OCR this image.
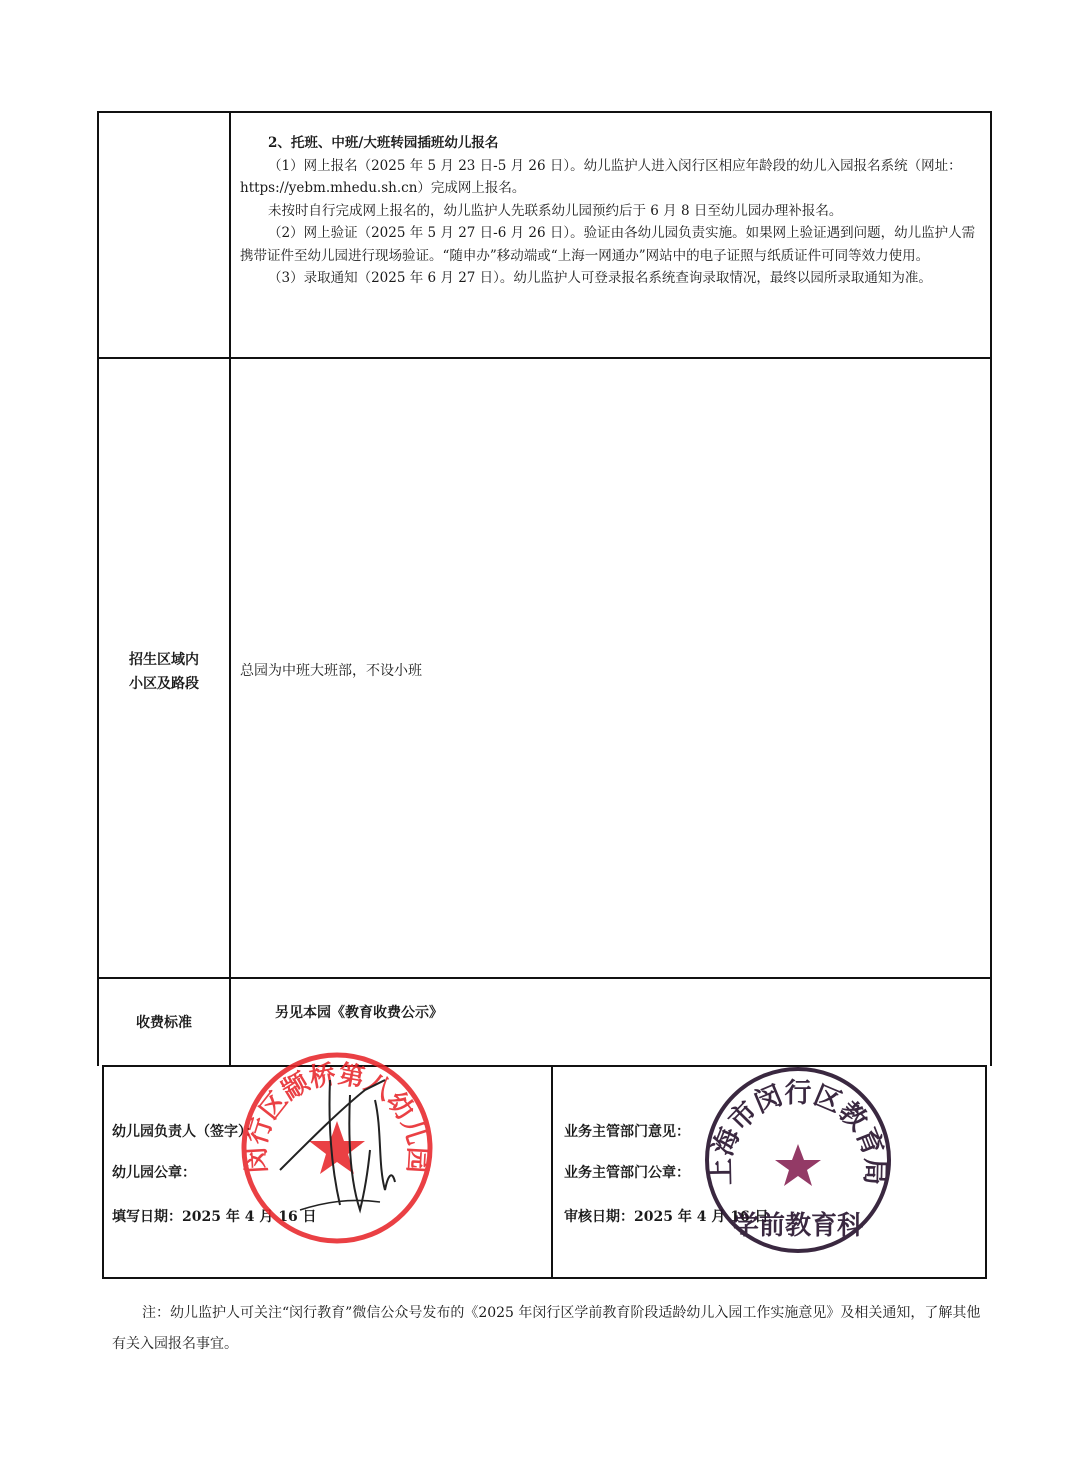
2、托班、中班/大班转园插班幼儿报名

（1）网上报名（2025 年 5 月 23 日-5 月 26 日）。幼儿监护人进入闵行区相应年龄段的幼儿入园报名系统（网址：https://yebm.mhedu.sh.cn）完成网上报名。

未按时自行完成网上报名的，幼儿监护人先联系幼儿园预约后于 6 月 8 日至幼儿园办理补报名。

（2）网上验证（2025 年 5 月 27 日-6 月 26 日）。验证由各幼儿园负责实施。如果网上验证遇到问题，幼儿监护人需携带证件至幼儿园进行现场验证。“随申办”移动端或“上海一网通办”网站中的电子证照与纸质证件可同等效力使用。

（3）录取通知（2025 年 6 月 27 日）。幼儿监护人可登录报名系统查询录取情况，最终以园所录取通知为准。

招生区域内
小区及路段
总园为中班大班部，不设小班
收费标准
另见本园《教育收费公示》
幼儿园负责人（签字）：
幼儿园公章：
填写日期：2025 年 4 月 16 日
业务主管部门意见：
业务主管部门公章：
审核日期：2025 年 4 月 16 日
闵行区颛桥第八幼儿园	上海市闵行区教育局
学前教育科
注：幼儿监护人可关注“闵行教育”微信公众号发布的《2025 年闵行区学前教育阶段适龄幼儿入园工作实施意见》及相关通知，了解其他有关入园报名事宜。
